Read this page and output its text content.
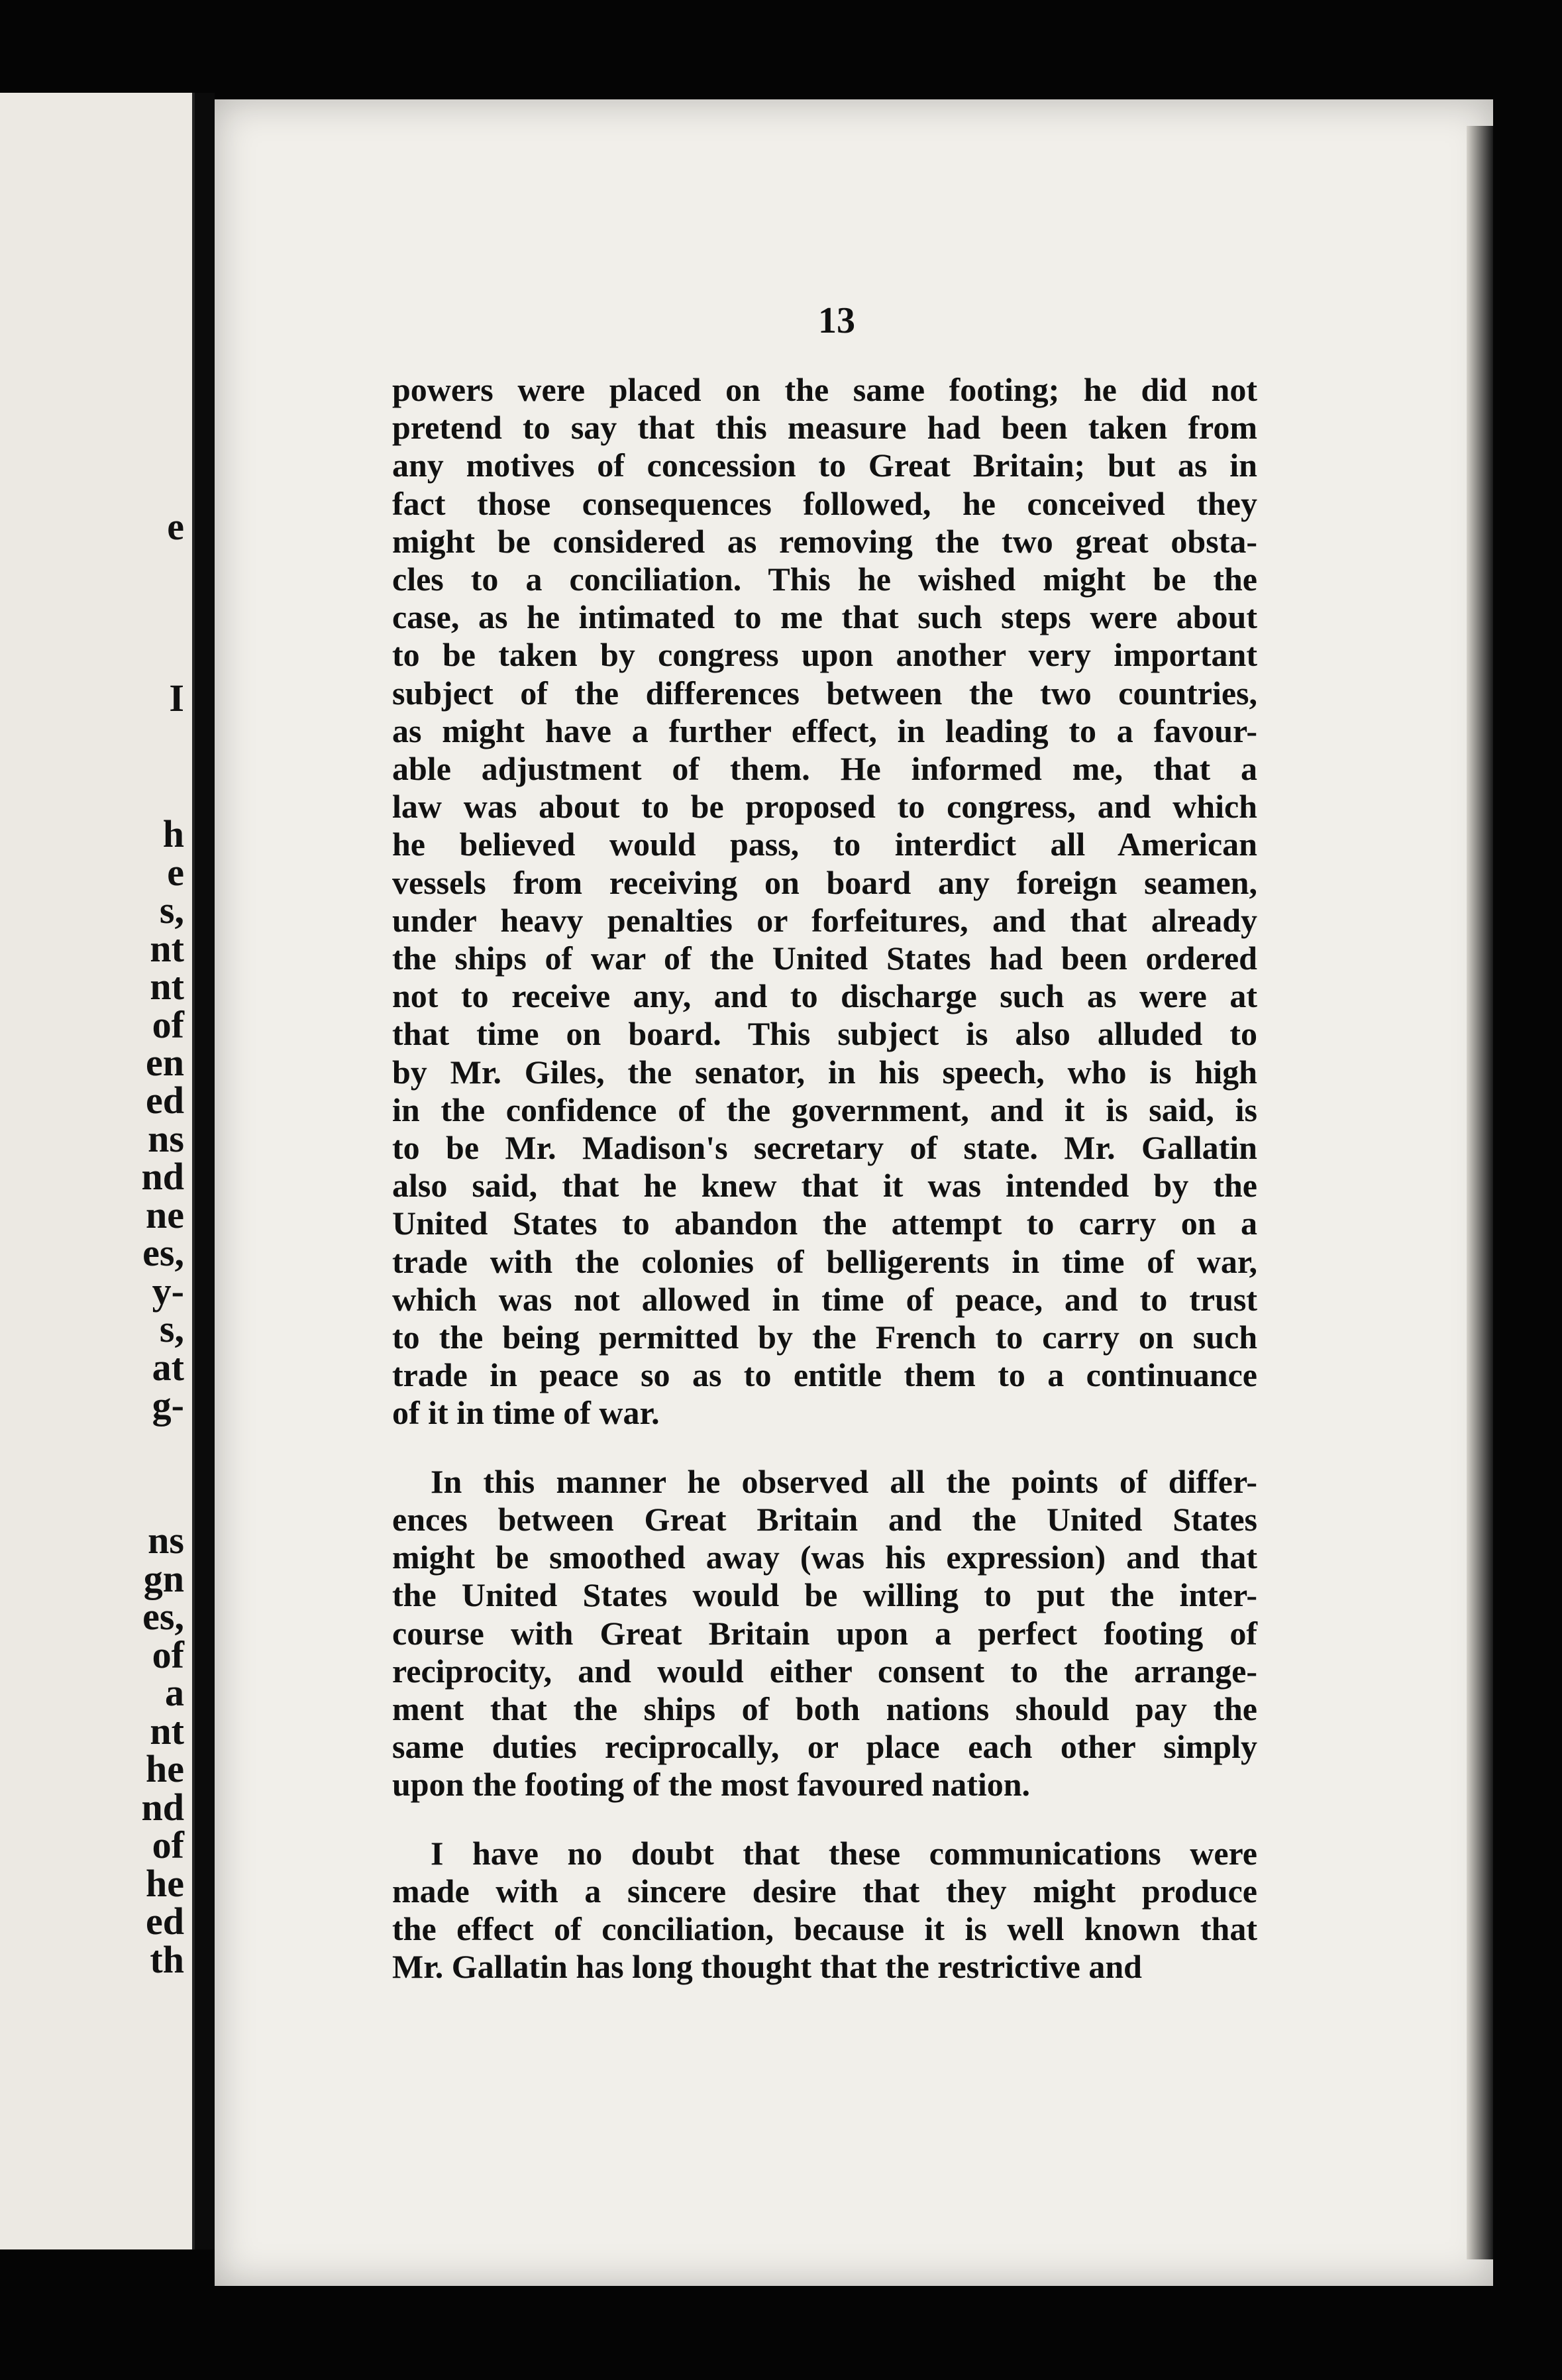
e
I
h
e
s,
nt
nt
of
en
ed
ns
nd
ne
es,
y-
s,
at
g-
ns
gn
es,
of
a
nt
he
nd
of
he
ed
th
13

powers were placed on the same footing; he did not
pretend to say that this measure had been taken from
any motives of concession to Great Britain; but as in
fact those consequences followed, he conceived they
might be considered as removing the two great obsta-
cles to a conciliation. This he wished might be the
case, as he intimated to me that such steps were about
to be taken by congress upon another very important
subject of the differences between the two countries,
as might have a further effect, in leading to a favour-
able adjustment of them. He informed me, that a
law was about to be proposed to congress, and which
he believed would pass, to interdict all American
vessels from receiving on board any foreign seamen,
under heavy penalties or forfeitures, and that already
the ships of war of the United States had been ordered
not to receive any, and to discharge such as were at
that time on board. This subject is also alluded to
by Mr. Giles, the senator, in his speech, who is high
in the confidence of the government, and it is said, is
to be Mr. Madison's secretary of state. Mr. Gallatin
also said, that he knew that it was intended by the
United States to abandon the attempt to carry on a
trade with the colonies of belligerents in time of war,
which was not allowed in time of peace, and to trust
to the being permitted by the French to carry on such
trade in peace so as to entitle them to a continuance
of it in time of war.

In this manner he observed all the points of differ-
ences between Great Britain and the United States
might be smoothed away (was his expression) and that
the United States would be willing to put the inter-
course with Great Britain upon a perfect footing of
reciprocity, and would either consent to the arrange-
ment that the ships of both nations should pay the
same duties reciprocally, or place each other simply
upon the footing of the most favoured nation.

I have no doubt that these communications were
made with a sincere desire that they might produce
the effect of conciliation, because it is well known that
Mr. Gallatin has long thought that the restrictive and
